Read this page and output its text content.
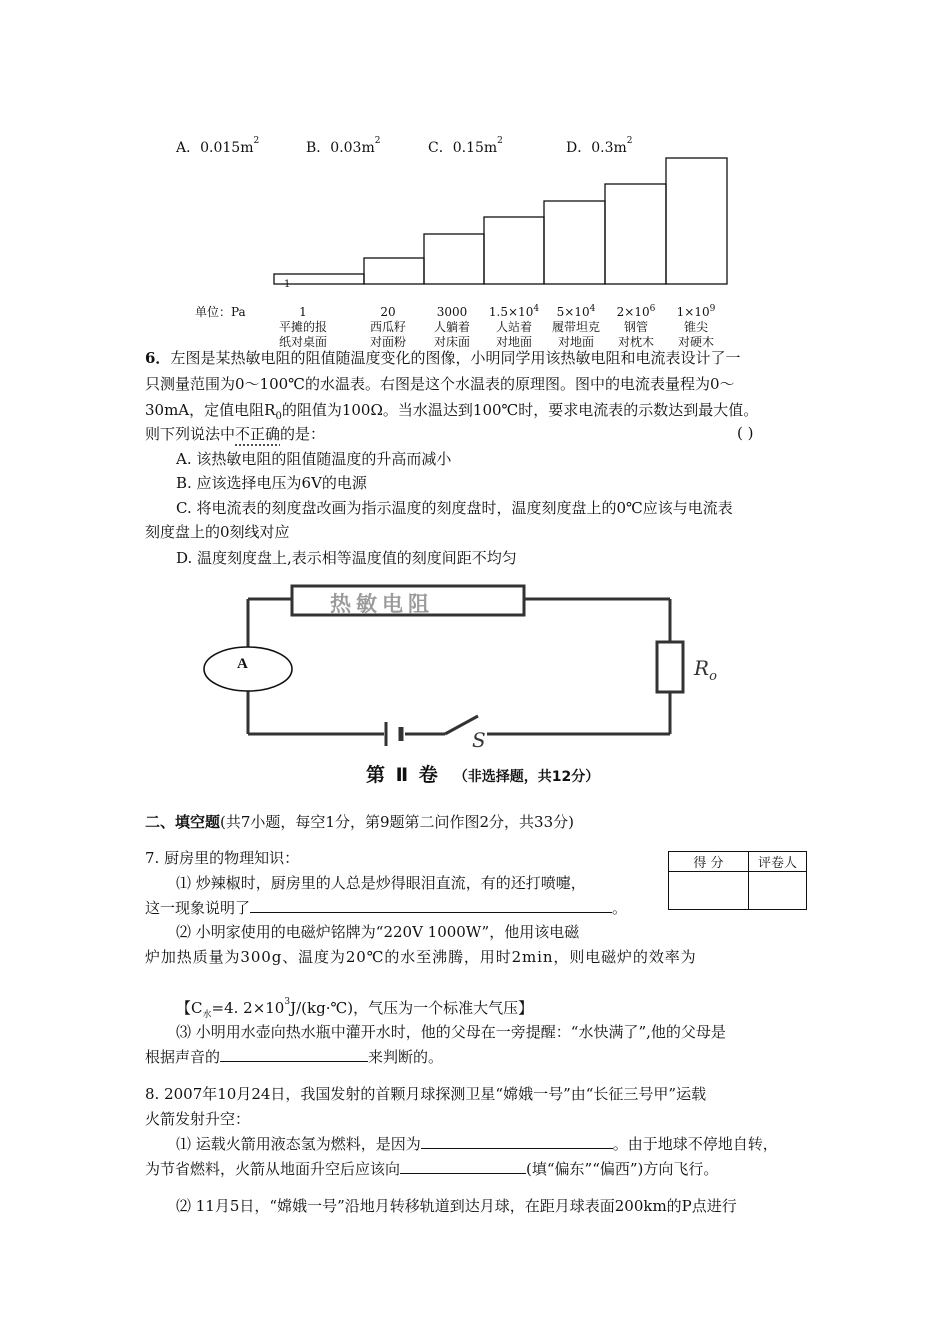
A．$0.015m^2$	B．$0.03m^2$	C．$0.15m^2$	D．$0.3m^2$
1
单位：Pa	1
平摊的报
纸对桌面
20
西瓜籽
对面粉
3000
人躺着
对床面
$1.5\times 10^4$
人站着
对地面
$5\times 10^4$
履带坦克
对地面
$2\times 10^6$
钢管
对枕木
$1\times 10^9$
锥尖
对硬木
6．左图是某热敏电阻的阻值随温度变化的图像，小明同学用该热敏电阻和电流表设计了一
只测量范围为0～100℃的水温表。右图是这个水温表的原理图。图中的电流表量程为0～
30mA，定值电阻$R_0$的阻值为100Ω。当水温达到100℃时，要求电流表的示数达到最大值。
则下列说法中不正确的是：	( )
A. 该热敏电阻的阻值随温度的升高而减小
B. 应该选择电压为6V的电源
C. 将电流表的刻度盘改画为指示温度的刻度盘时，温度刻度盘上的0℃应该与电流表
刻度盘上的0刻线对应
D. 温度刻度盘上,表示相等温度值的刻度间距不均匀
热敏电阻
A	$R_o$
S
第 Ⅱ 卷 （非选择题，共12分）
二、填空题(共7小题，每空1分，第9题第二问作图2分，共33分)
得 分	评卷人

7. 厨房里的物理知识：
⑴ 炒辣椒时，厨房里的人总是炒得眼泪直流，有的还打喷嚏，
这一现象说明了	。
⑵ 小明家使用的电磁炉铭牌为“220V 1000W”，他用该电磁
炉加热质量为300g、温度为20℃的水至沸腾，用时2min，则电磁炉的效率为
【$C_水=4$. $2\times 10^3J/(kg\cdot℃)$，气压为一个标准大气压】
⑶ 小明用水壶向热水瓶中灌开水时，他的父母在一旁提醒：“水快满了”,他的父母是
根据声音的	来判断的。
8. 2007年10月24日，我国发射的首颗月球探测卫星“嫦娥一号”由“长征三号甲”运载
火箭发射升空：
⑴ 运载火箭用液态氢为燃料，是因为	。由于地球不停地自转，
为节省燃料，火箭从地面升空后应该向	(填“偏东”“偏西”)方向飞行。
⑵ 11月5日，“嫦娥一号”沿地月转移轨道到达月球，在距月球表面200km的P点进行
